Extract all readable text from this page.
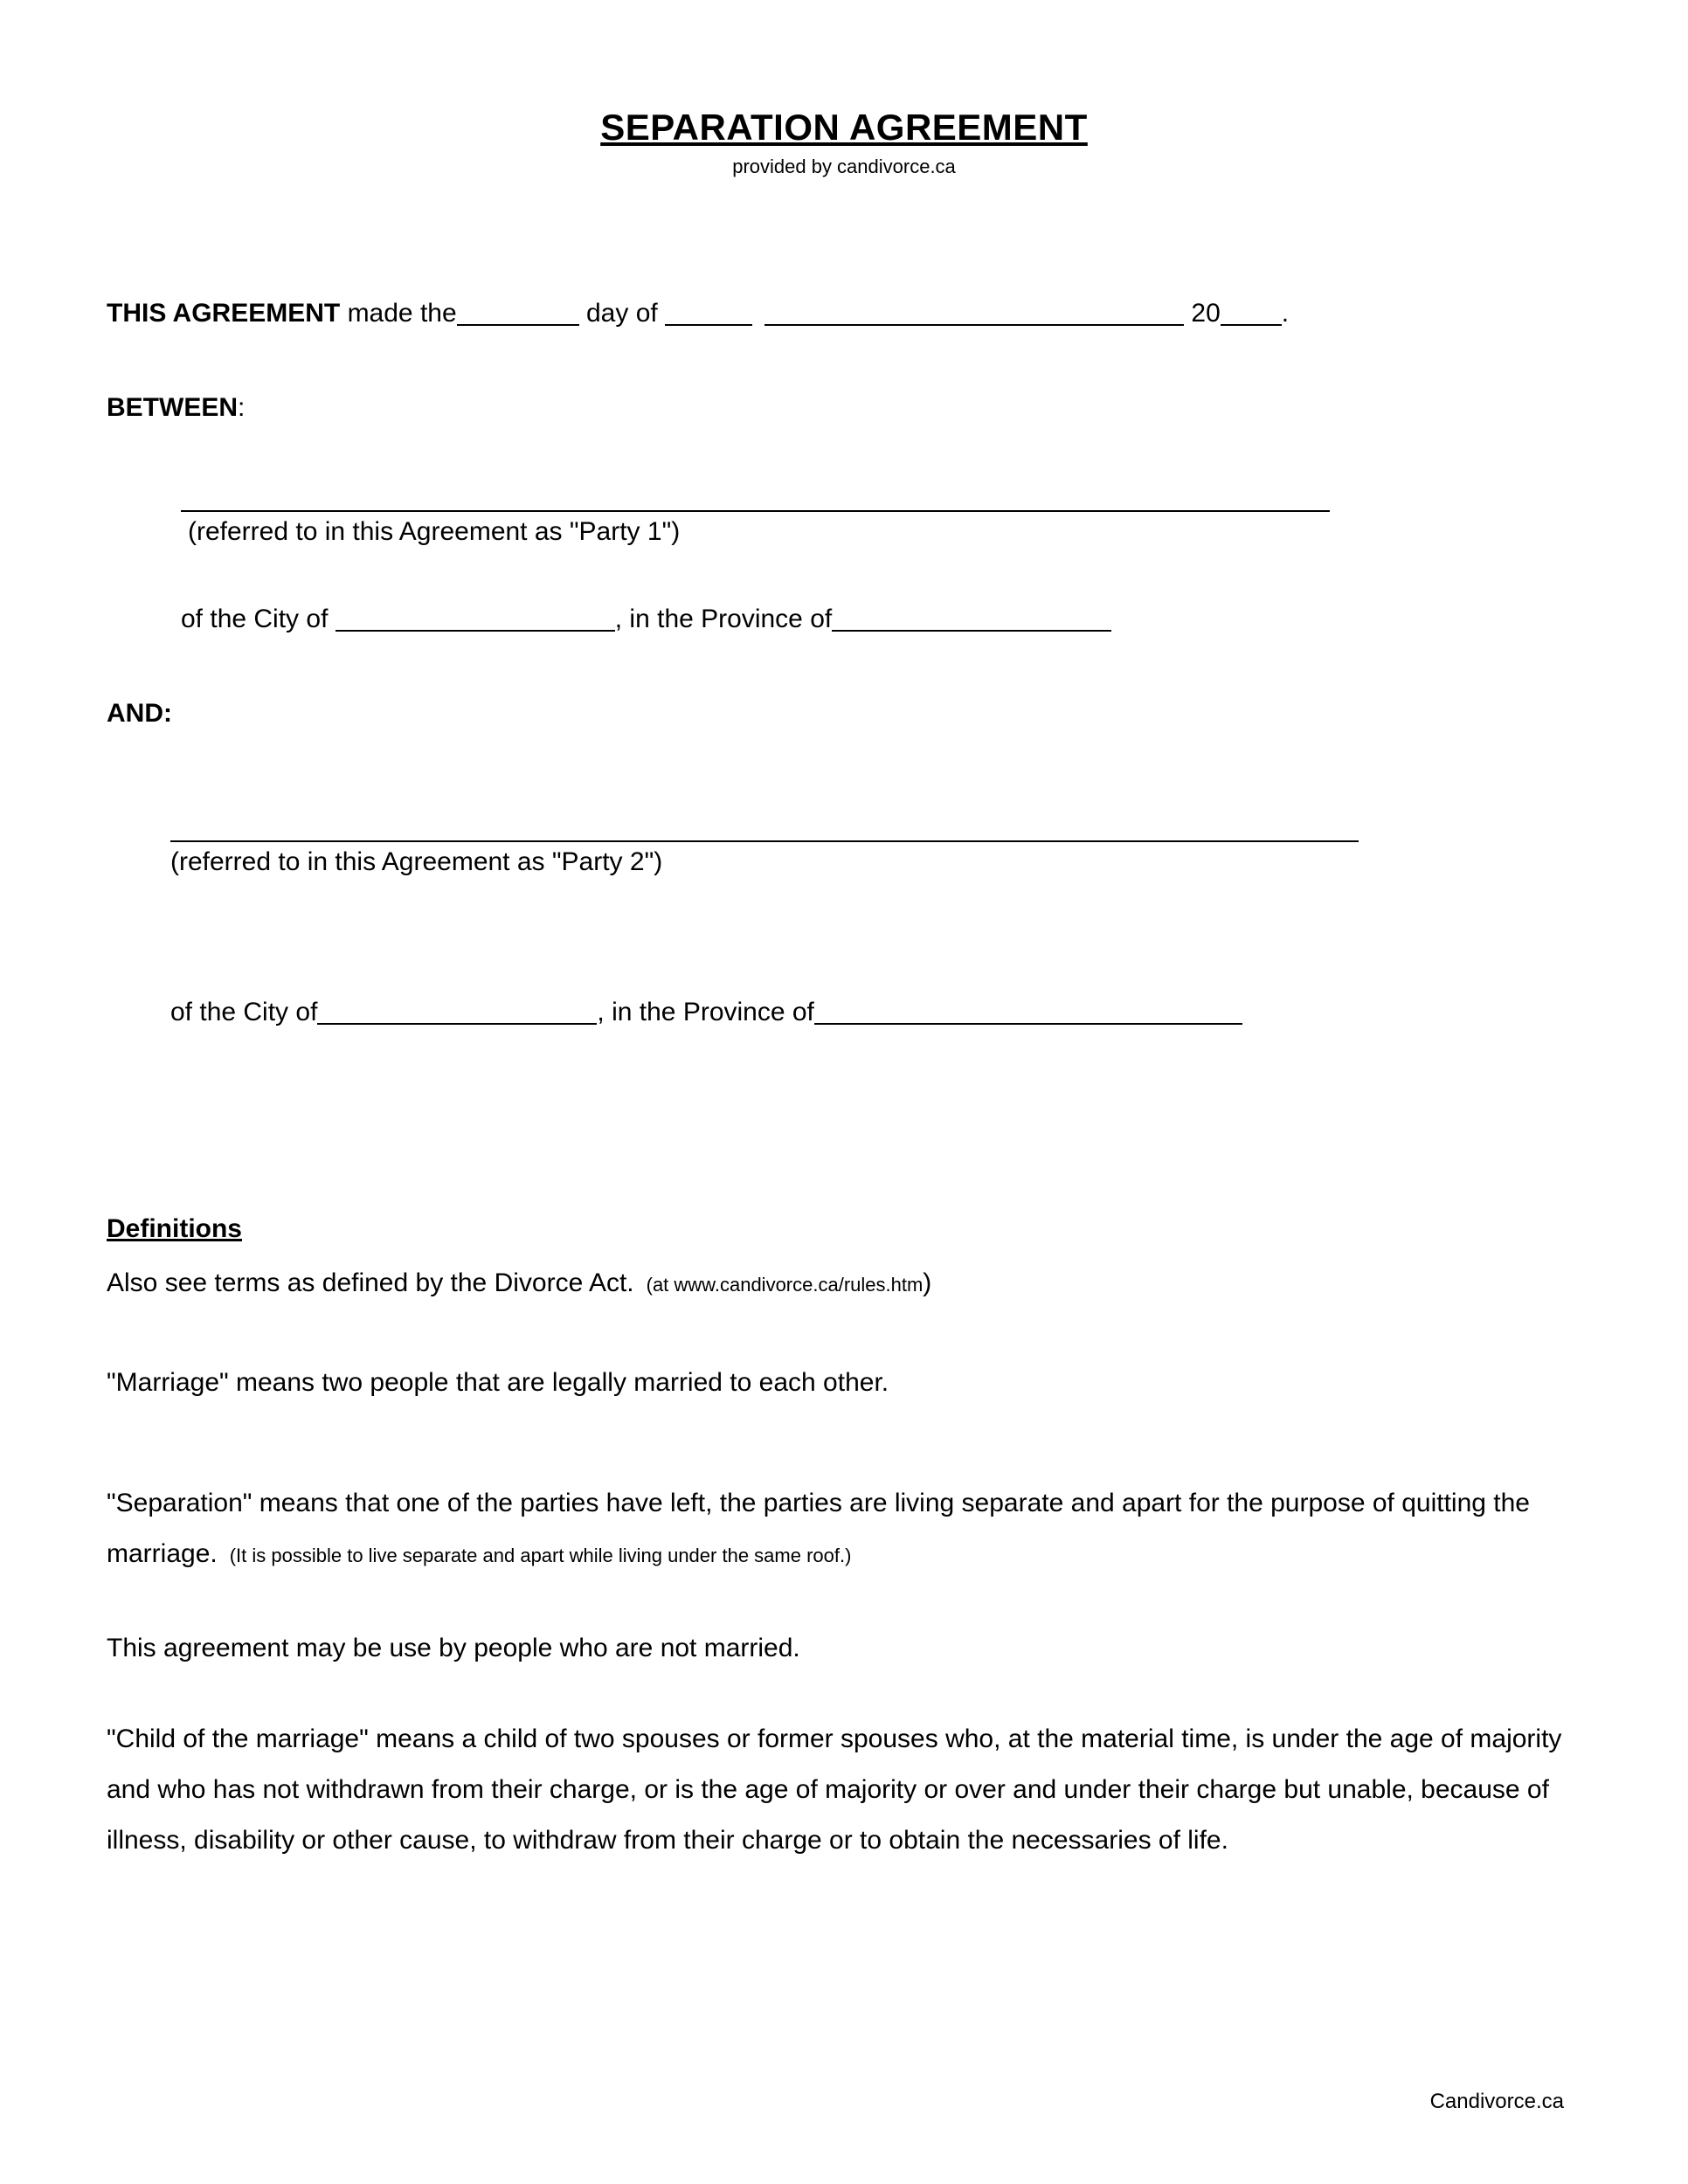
SEPARATION AGREEMENT
provided by candivorce.ca
THIS AGREEMENT made the	day of	20 .
BETWEEN:
(referred to in this Agreement as "Party 1")
of the City of	, in the Province of
AND:
(referred to in this Agreement as "Party 2")
of the City of	, in the Province of
Definitions
Also see terms as defined by the Divorce Act. (at www.candivorce.ca/rules.htm)
"Marriage" means two people that are legally married to each other.
"Separation" means that one of the parties have left, the parties are living separate and apart for the purpose of quitting the marriage. (It is possible to live separate and apart while living under the same roof.)
This agreement may be use by people who are not married.
"Child of the marriage" means a child of two spouses or former spouses who, at the material time, is under the age of majority and who has not withdrawn from their charge, or is the age of majority or over and under their charge but unable, because of illness, disability or other cause, to withdraw from their charge or to obtain the necessaries of life.
Candivorce.ca
